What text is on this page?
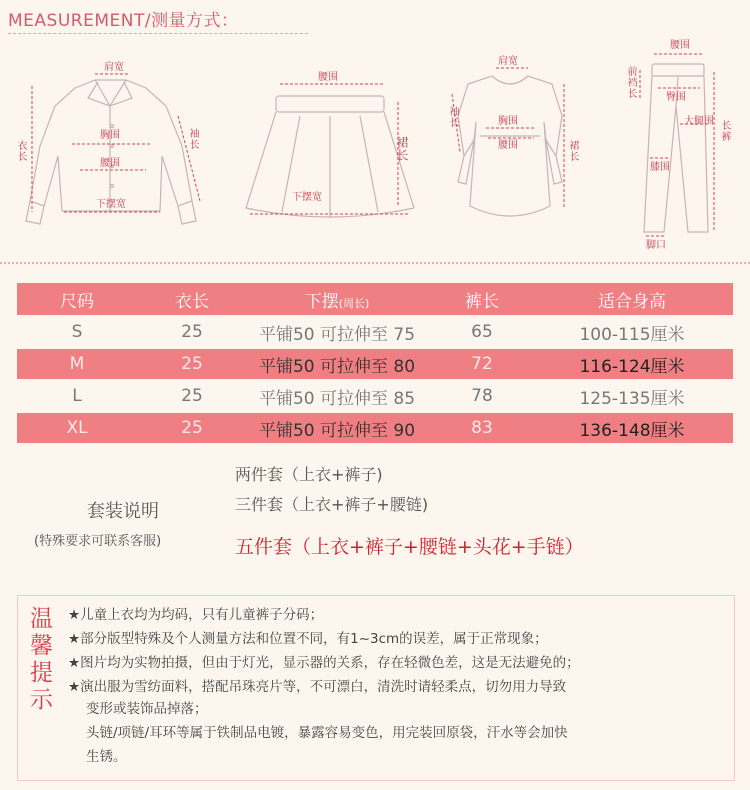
MEASUREMENT/测量方式：
肩宽
衣长
袖长
胸围
腰围
下摆宽
腰围
裙长
下摆宽
肩宽
袖长	胸围
腰围	裙长
腰围
前裆长	臀围
大腿围 长裤
膝围
脚口
尺码	衣长	下摆(周长)	裤长	适合身高
S	25	平铺50 可拉伸至 75	65	100-115厘米
M	25	平铺50 可拉伸至 80	72	116-124厘米
L	25	平铺50 可拉伸至 85	78	125-135厘米
XL	25	平铺50 可拉伸至 90	83	136-148厘米
套装说明
(特殊要求可联系客服)
两件套（上衣+裤子)
三件套（上衣+裤子+腰链)
五件套（上衣+裤子+腰链+头花+手链）
温馨提示
★儿童上衣均为均码，只有儿童裤子分码；
★部分版型特殊及个人测量方法和位置不同，有1~3cm的误差，属于正常现象；
★图片均为实物拍摄，但由于灯光，显示器的关系，存在轻微色差，这是无法避免的；
★演出服为雪纺面料，搭配吊珠亮片等，不可漂白，清洗时请轻柔点，切勿用力导致
变形或装饰品掉落；
头链/项链/耳环等属于铁制品电镀，暴露容易变色，用完装回原袋，汗水等会加快
生锈。
